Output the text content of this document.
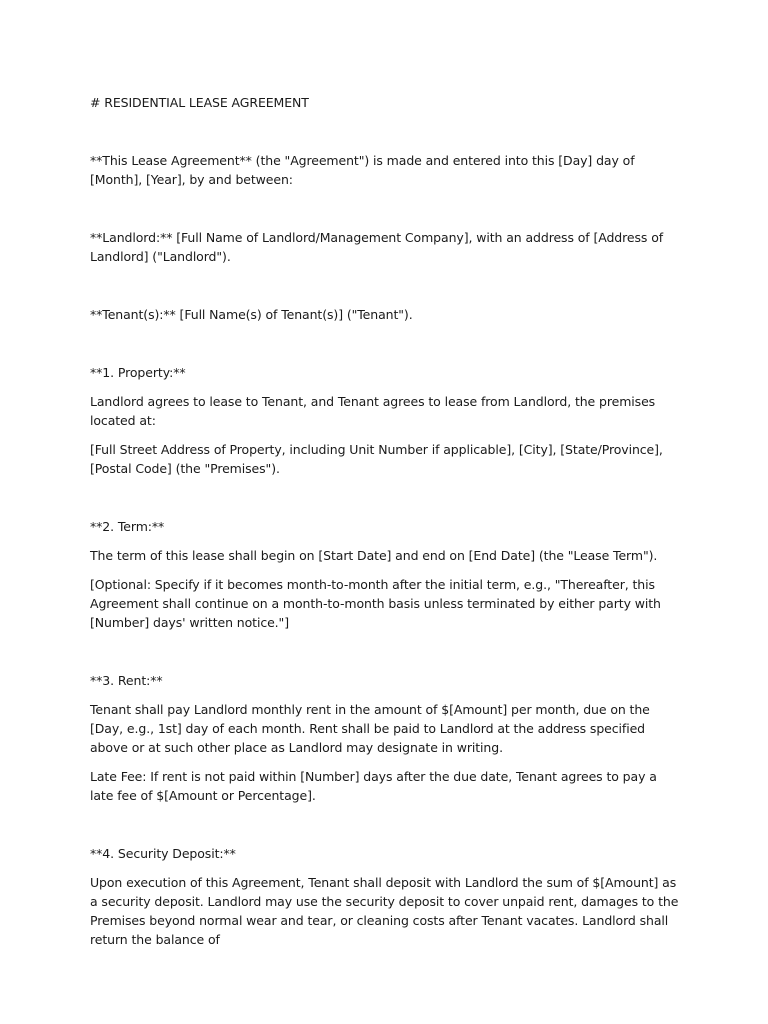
# RESIDENTIAL LEASE AGREEMENT

**This Lease Agreement** (the "Agreement") is made and entered into this [Day] day of [Month], [Year], by and between:

**Landlord:** [Full Name of Landlord/Management Company], with an address of [Address of Landlord] ("Landlord").

**Tenant(s):** [Full Name(s) of Tenant(s)] ("Tenant").

**1. Property:**

Landlord agrees to lease to Tenant, and Tenant agrees to lease from Landlord, the premises located at:

[Full Street Address of Property, including Unit Number if applicable], [City], [State/Province], [Postal Code] (the "Premises").

**2. Term:**

The term of this lease shall begin on [Start Date] and end on [End Date] (the "Lease Term").

[Optional: Specify if it becomes month-to-month after the initial term, e.g., "Thereafter, this Agreement shall continue on a month-to-month basis unless terminated by either party with [Number] days' written notice."]

**3. Rent:**

Tenant shall pay Landlord monthly rent in the amount of $[Amount] per month, due on the [Day, e.g., 1st] day of each month. Rent shall be paid to Landlord at the address specified above or at such other place as Landlord may designate in writing.

Late Fee: If rent is not paid within [Number] days after the due date, Tenant agrees to pay a late fee of $[Amount or Percentage].

**4. Security Deposit:**

Upon execution of this Agreement, Tenant shall deposit with Landlord the sum of $[Amount] as a security deposit. Landlord may use the security deposit to cover unpaid rent, damages to the Premises beyond normal wear and tear, or cleaning costs after Tenant vacates. Landlord shall return the balance of
